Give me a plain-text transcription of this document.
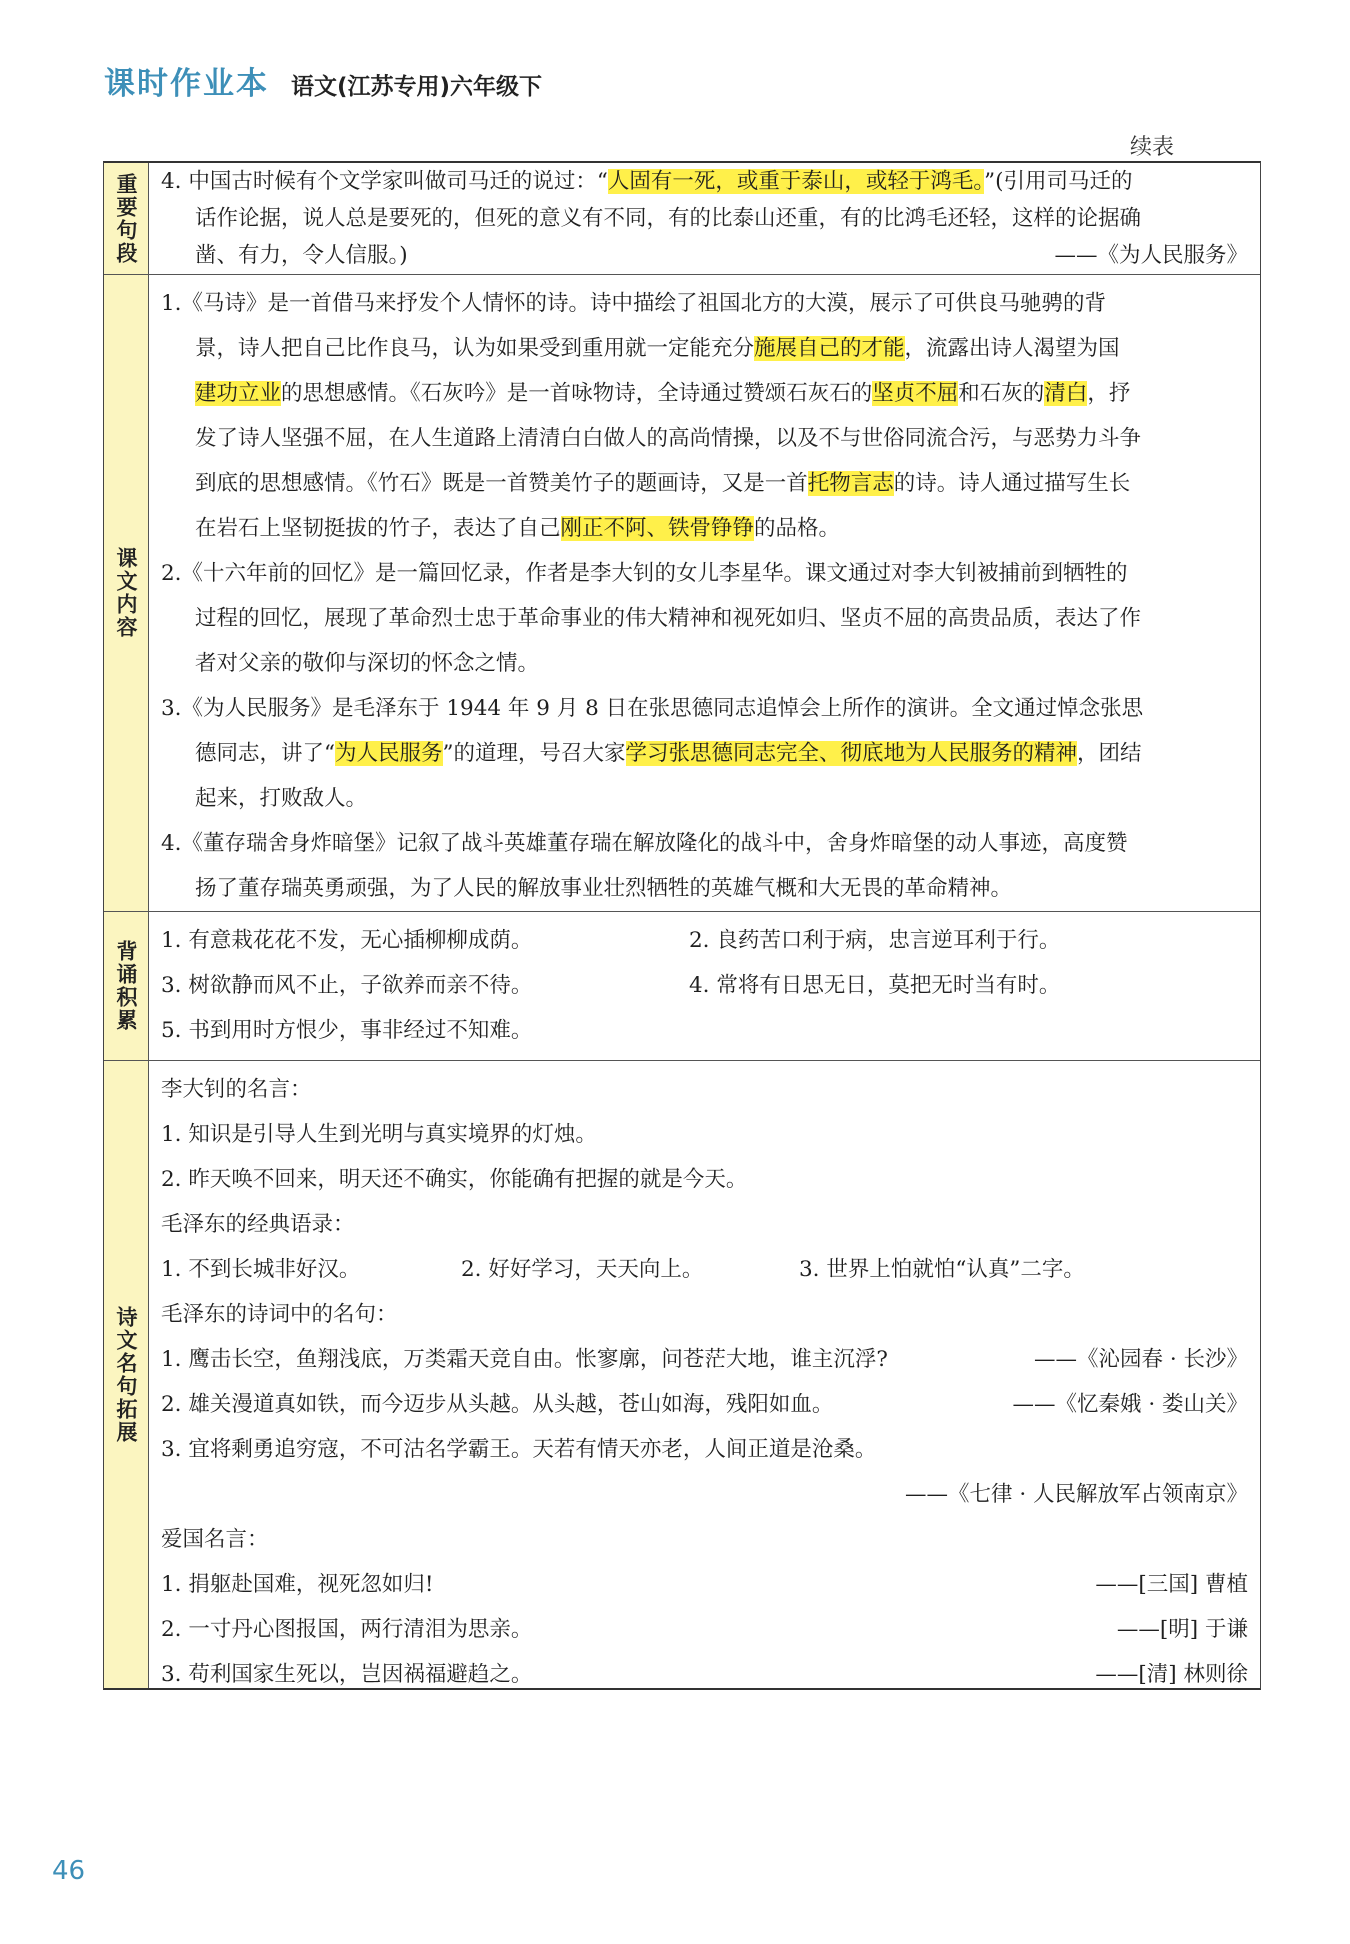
课时作业本 语文(江苏专用)六年级下
续表
重要句段 4. 中国古时候有个文学家叫做司马迁的说过：“人固有一死，或重于泰山，或轻于鸿毛。”(引用司马迁的
话作论据，说人总是要死的，但死的意义有不同，有的比泰山还重，有的比鸿毛还轻，这样的论据确
凿、有力，令人信服。)	——《为人民服务》
课文内容
1.《马诗》是一首借马来抒发个人情怀的诗。诗中描绘了祖国北方的大漠，展示了可供良马驰骋的背
景，诗人把自己比作良马，认为如果受到重用就一定能充分施展自己的才能，流露出诗人渴望为国
建功立业的思想感情。《石灰吟》是一首咏物诗，全诗通过赞颂石灰石的坚贞不屈和石灰的清白，抒
发了诗人坚强不屈，在人生道路上清清白白做人的高尚情操，以及不与世俗同流合污，与恶势力斗争
到底的思想感情。《竹石》既是一首赞美竹子的题画诗，又是一首托物言志的诗。诗人通过描写生长
在岩石上坚韧挺拔的竹子，表达了自己刚正不阿、铁骨铮铮的品格。
2.《十六年前的回忆》是一篇回忆录，作者是李大钊的女儿李星华。课文通过对李大钊被捕前到牺牲的
过程的回忆，展现了革命烈士忠于革命事业的伟大精神和视死如归、坚贞不屈的高贵品质，表达了作
者对父亲的敬仰与深切的怀念之情。
3.《为人民服务》是毛泽东于 1944 年 9 月 8 日在张思德同志追悼会上所作的演讲。全文通过悼念张思
德同志，讲了“为人民服务”的道理，号召大家学习张思德同志完全、彻底地为人民服务的精神，团结
起来，打败敌人。
4.《董存瑞舍身炸暗堡》记叙了战斗英雄董存瑞在解放隆化的战斗中，舍身炸暗堡的动人事迹，高度赞
扬了董存瑞英勇顽强，为了人民的解放事业壮烈牺牲的英雄气概和大无畏的革命精神。
背诵积累 1. 有意栽花花不发，无心插柳柳成荫。	2. 良药苦口利于病，忠言逆耳利于行。
3. 树欲静而风不止，子欲养而亲不待。	4. 常将有日思无日，莫把无时当有时。
5. 书到用时方恨少，事非经过不知难。
诗文名句拓展
李大钊的名言：
1. 知识是引导人生到光明与真实境界的灯烛。
2. 昨天唤不回来，明天还不确实，你能确有把握的就是今天。
毛泽东的经典语录：
1. 不到长城非好汉。	2. 好好学习，天天向上。	3. 世界上怕就怕“认真”二字。
毛泽东的诗词中的名句：
1. 鹰击长空，鱼翔浅底，万类霜天竞自由。怅寥廓，问苍茫大地，谁主沉浮?	——《沁园春 · 长沙》
2. 雄关漫道真如铁，而今迈步从头越。从头越，苍山如海，残阳如血。	——《忆秦娥 · 娄山关》
3. 宜将剩勇追穷寇，不可沽名学霸王。天若有情天亦老，人间正道是沧桑。
——《七律 · 人民解放军占领南京》
爱国名言：
1. 捐躯赴国难，视死忽如归!	——[三国] 曹植
2. 一寸丹心图报国，两行清泪为思亲。	——[明] 于谦
3. 苟利国家生死以，岂因祸福避趋之。	——[清] 林则徐
46
